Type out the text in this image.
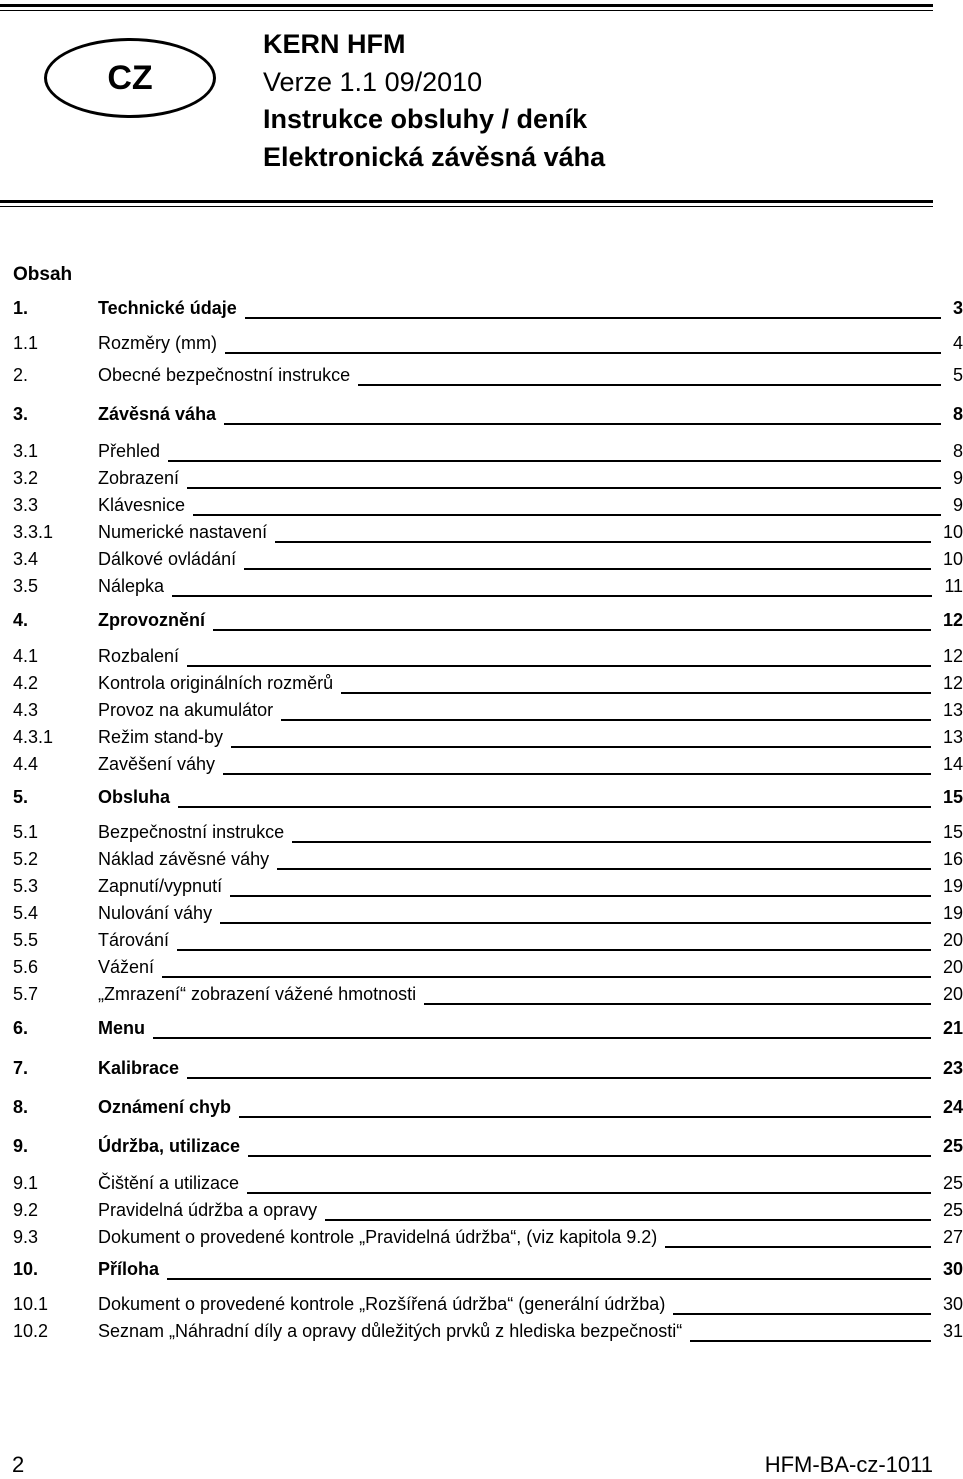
CZ
KERN HFM
Verze 1.1 09/2010
Instrukce obsluhy / deník
Elektronická závěsná váha
Obsah
1.	Technické údaje	3
1.1	Rozměry (mm)	4
2.	Obecné bezpečnostní instrukce	5
3.	Závěsná váha	8
3.1	Přehled	8
3.2	Zobrazení	9
3.3	Klávesnice	9
3.3.1 Numerické nastavení	10
3.4	Dálkové ovládání	10
3.5	Nálepka	11
4.	Zprovoznění	12
4.1	Rozbalení	12
4.2	Kontrola originálních rozměrů	12
4.3	Provoz na akumulátor	13
4.3.1 Režim stand-by	13
4.4	Zavěšení váhy	14
5.	Obsluha	15
5.1	Bezpečnostní instrukce	15
5.2	Náklad závěsné váhy	16
5.3	Zapnutí/vypnutí	19
5.4	Nulování váhy	19
5.5	Tárování	20
5.6	Vážení	20
5.7	„Zmrazení“ zobrazení vážené hmotnosti	20
6.	Menu	21
7.	Kalibrace	23
8.	Oznámení chyb	24
9.	Údržba, utilizace	25
9.1	Čištění a utilizace	25
9.2	Pravidelná údržba a opravy	25
9.3	Dokument o provedené kontrole „Pravidelná údržba“, (viz kapitola 9.2)	27
10.	Příloha	30
10.1	Dokument o provedené kontrole „Rozšířená údržba“ (generální údržba)	30
10.2	Seznam „Náhradní díly a opravy důležitých prvků z hlediska bezpečnosti“	31
2	HFM-BA-cz-1011
